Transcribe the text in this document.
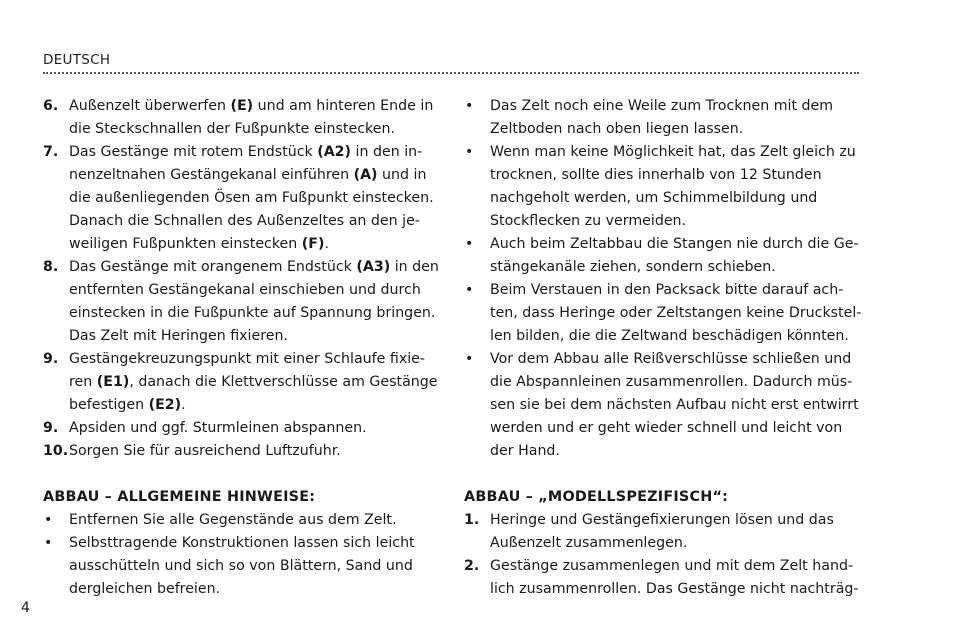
DEUTSCH
6. Außenzelt überwerfen (E) und am hinteren Ende in die Steckschnallen der Fußpunkte einstecken.
7. Das Gestänge mit rotem Endstück (A2) in den in-nenzeltnahen Gestängekanal einführen (A) und in die außenliegenden Ösen am Fußpunkt einstecken. Danach die Schnallen des Außenzeltes an den je-weiligen Fußpunkten einstecken (F).
8. Das Gestänge mit orangenem Endstück (A3) in den entfernten Gestängekanal einschieben und durch einstecken in die Fußpunkte auf Spannung bringen. Das Zelt mit Heringen fixieren.
9. Gestängekreuzungspunkt mit einer Schlaufe fixie-ren (E1), danach die Klettverschlüsse am Gestänge befestigen (E2).
9. Apsiden und ggf. Sturmleinen abspannen.
10. Sorgen Sie für ausreichend Luftzufuhr.
ABBAU – ALLGEMEINE HINWEISE:
• Entfernen Sie alle Gegenstände aus dem Zelt.
• Selbsttragende Konstruktionen lassen sich leicht ausschütteln und sich so von Blättern, Sand und dergleichen befreien.
• Das Zelt noch eine Weile zum Trocknen mit dem Zeltboden nach oben liegen lassen.
• Wenn man keine Möglichkeit hat, das Zelt gleich zu trocknen, sollte dies innerhalb von 12 Stunden nachgeholt werden, um Schimmelbildung und Stockflecken zu vermeiden.
• Auch beim Zeltabbau die Stangen nie durch die Ge-stängekanäle ziehen, sondern schieben.
• Beim Verstauen in den Packsack bitte darauf ach-ten, dass Heringe oder Zeltstangen keine Druckstel-len bilden, die die Zeltwand beschädigen könnten.
• Vor dem Abbau alle Reißverschlüsse schließen und die Abspannleinen zusammenrollen. Dadurch müs-sen sie bei dem nächsten Aufbau nicht erst entwirrt werden und er geht wieder schnell und leicht von der Hand.
ABBAU – „MODELLSPEZIFISCH“:
1. Heringe und Gestängefixierungen lösen und das Außenzelt zusammenlegen.
2. Gestänge zusammenlegen und mit dem Zelt hand-lich zusammenrollen. Das Gestänge nicht nachträg-
4
